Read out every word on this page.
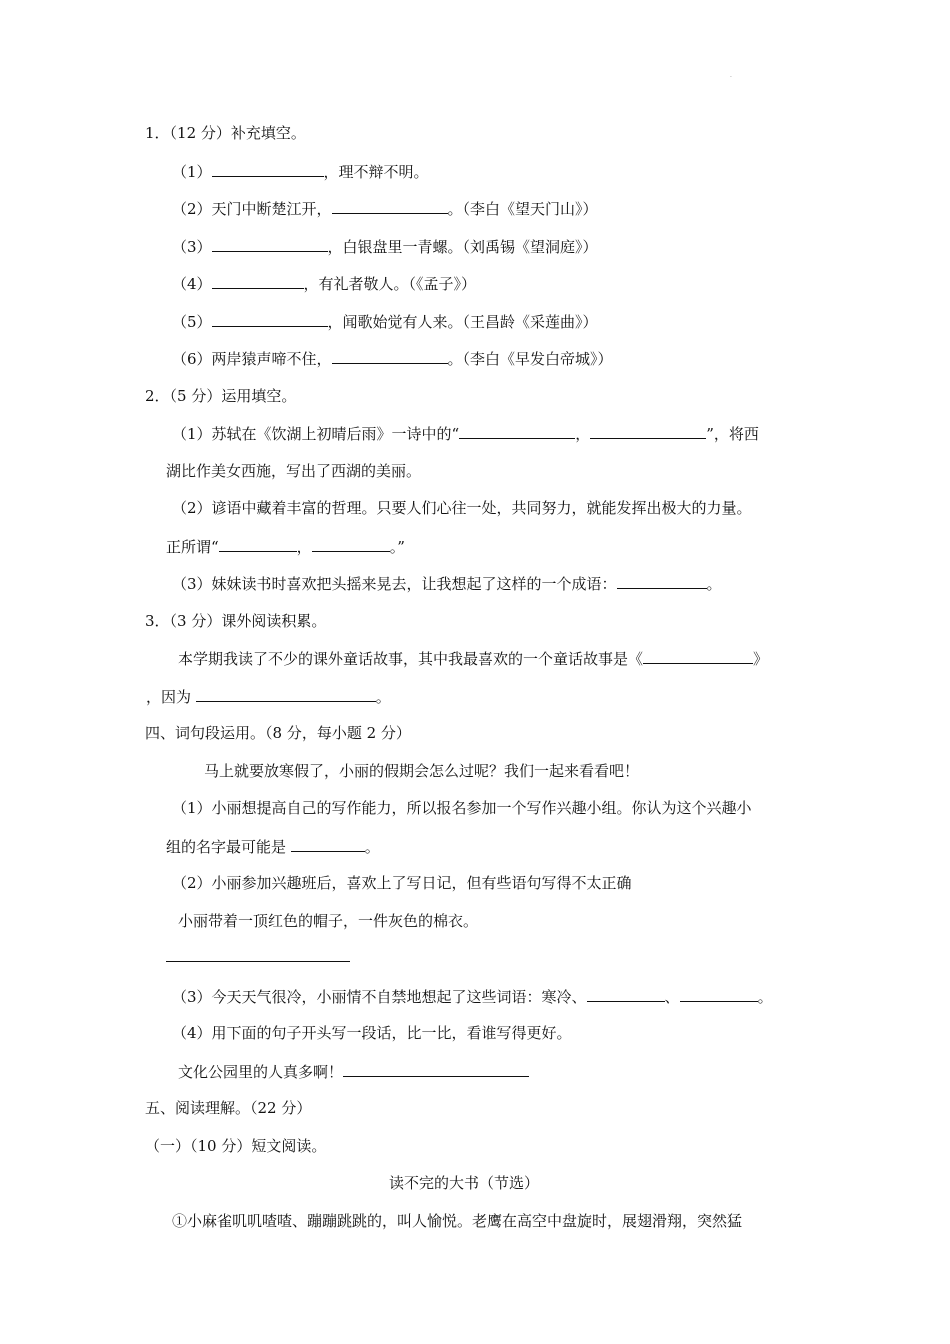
·
1．（12 分）补充填空。
（1）	，理不辩不明。
（2）天门中断楚江开，	。（李白《望天门山》）
（3）	，白银盘里一青螺。（刘禹锡《望洞庭》）
（4）	，有礼者敬人。（《孟子》）
（5）	，闻歌始觉有人来。（王昌龄《采莲曲》）
（6）两岸猿声啼不住，	。（李白《早发白帝城》）
2．（5 分）运用填空。
（1）苏轼在《饮湖上初晴后雨》一诗中的“	，	”，将西
湖比作美女西施，写出了西湖的美丽。
（2）谚语中藏着丰富的哲理。只要人们心往一处，共同努力，就能发挥出极大的力量。
正所谓“	，	。”
（3）妹妹读书时喜欢把头摇来晃去，让我想起了这样的一个成语：	。
3．（3 分）课外阅读积累。
本学期我读了不少的课外童话故事，其中我最喜欢的一个童话故事是《	》
，因为	。
四、词句段运用。（8 分，每小题 2 分）
马上就要放寒假了，小丽的假期会怎么过呢？我们一起来看看吧！
（1）小丽想提高自己的写作能力，所以报名参加一个写作兴趣小组。你认为这个兴趣小
组的名字最可能是	。
（2）小丽参加兴趣班后，喜欢上了写日记，但有些语句写得不太正确
小丽带着一顶红色的帽子，一件灰色的棉衣。
（3）今天天气很冷，小丽情不自禁地想起了这些词语：寒冷、	、	。
（4）用下面的句子开头写一段话，比一比，看谁写得更好。
文化公园里的人真多啊！
五、阅读理解。（22 分）
（一）（10 分）短文阅读。
读不完的大书（节选）
①小麻雀叽叽喳喳、蹦蹦跳跳的，叫人愉悦。老鹰在高空中盘旋时，展翅滑翔，突然猛
